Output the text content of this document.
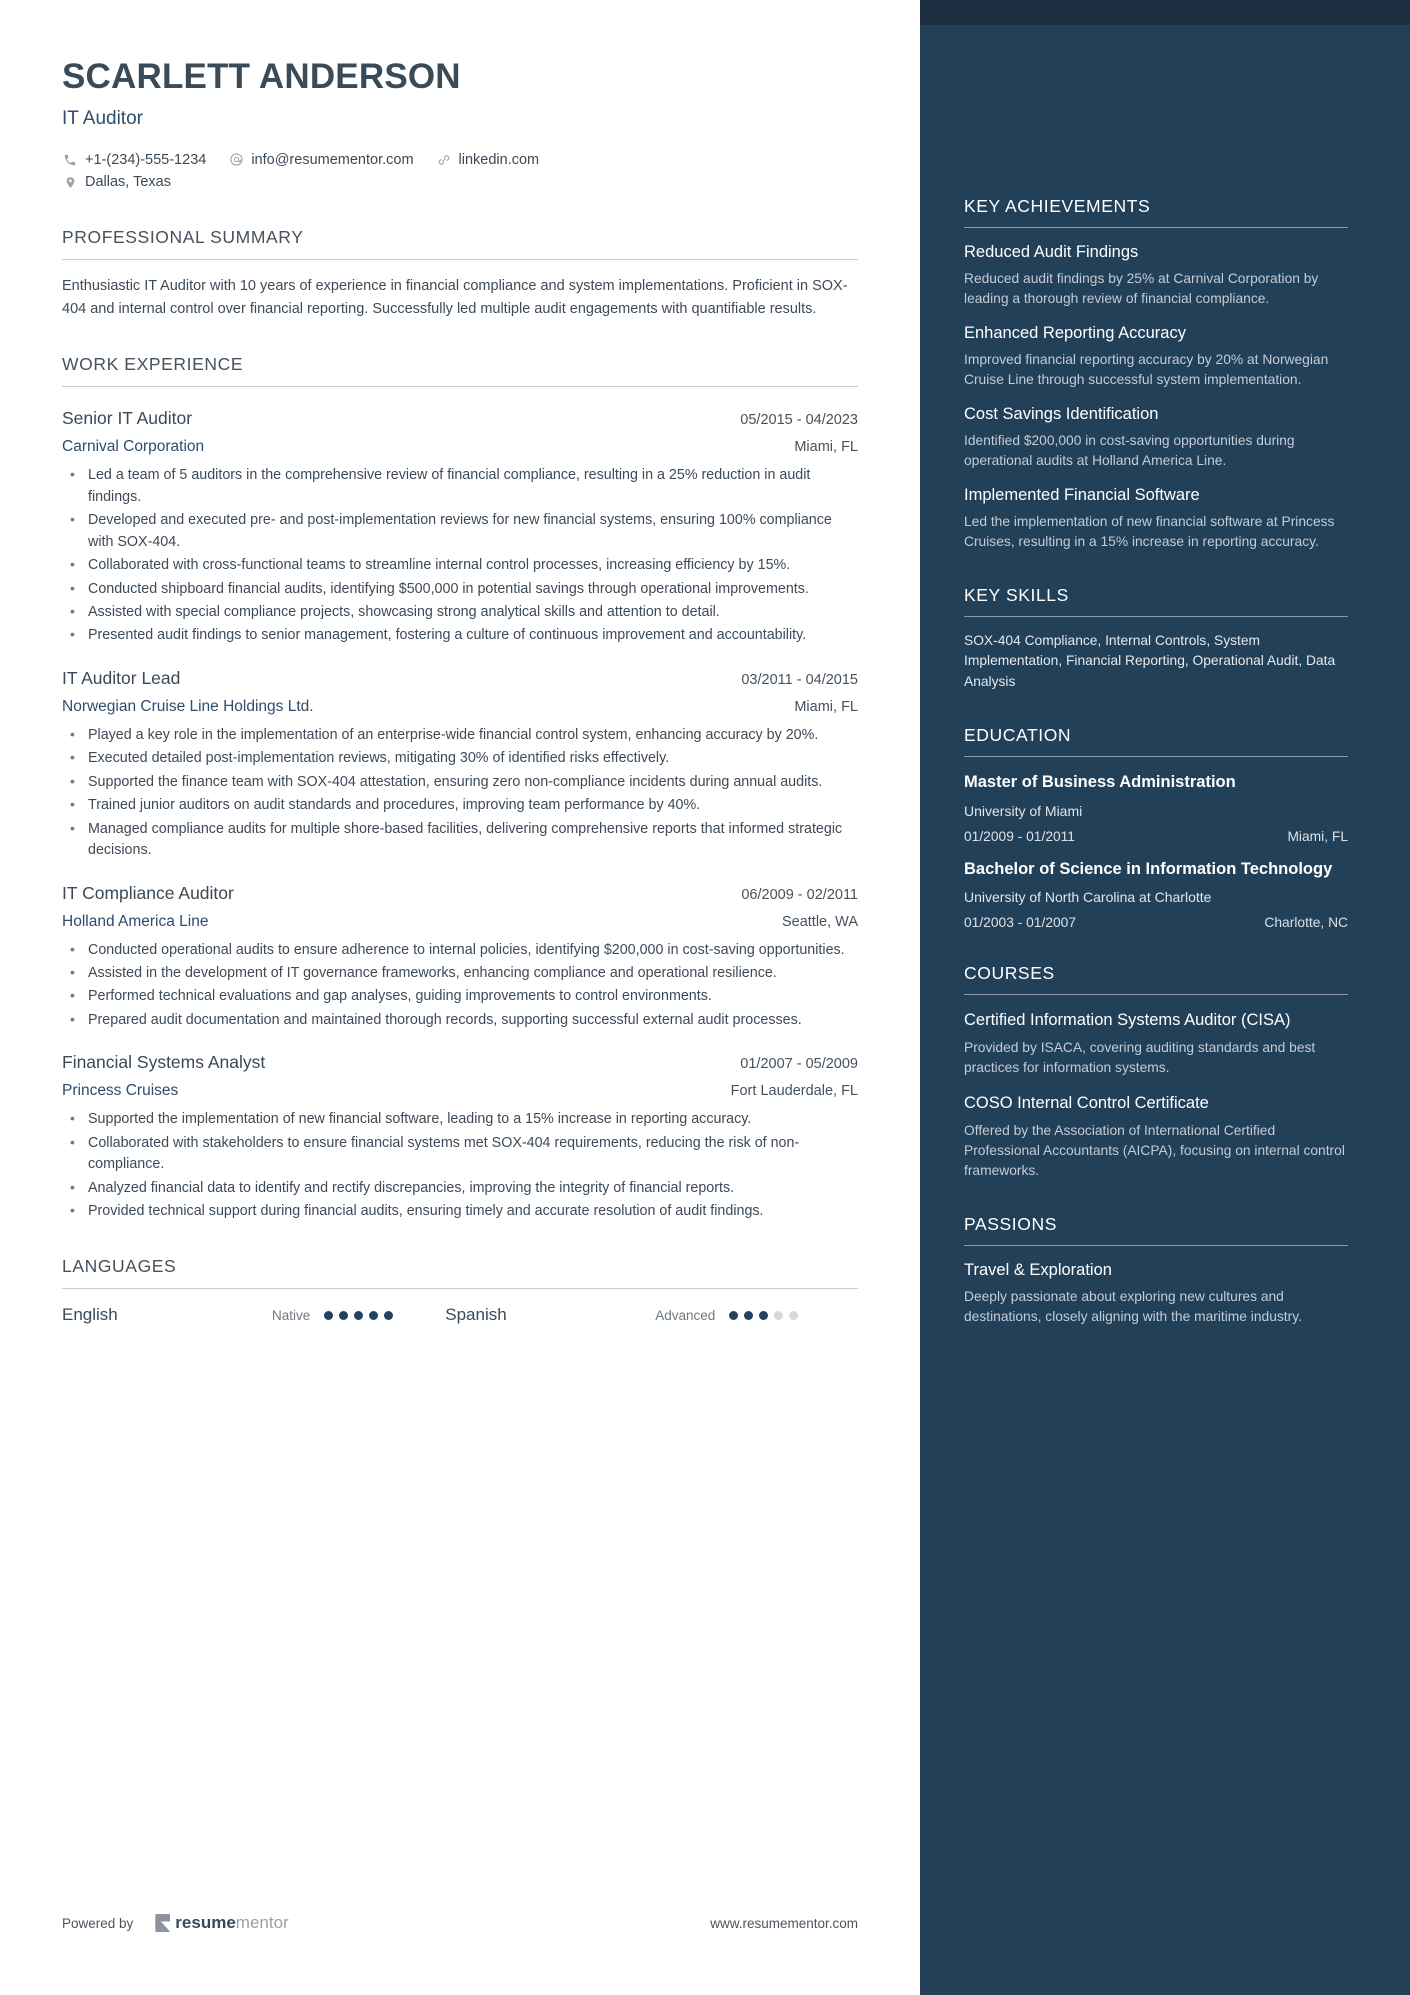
SCARLETT ANDERSON
IT Auditor
+1-(234)-555-1234	info@resumementor.com	linkedin.com
Dallas, Texas
PROFESSIONAL SUMMARY
Enthusiastic IT Auditor with 10 years of experience in financial compliance and system implementations. Proficient in SOX-404 and internal control over financial reporting. Successfully led multiple audit engagements with quantifiable results.
WORK EXPERIENCE
Senior IT Auditor	05/2015 - 04/2023
Carnival Corporation	Miami, FL
• Led a team of 5 auditors in the comprehensive review of financial compliance, resulting in a 25% reduction in audit findings.
• Developed and executed pre- and post-implementation reviews for new financial systems, ensuring 100% compliance with SOX-404.
• Collaborated with cross-functional teams to streamline internal control processes, increasing efficiency by 15%.
• Conducted shipboard financial audits, identifying $500,000 in potential savings through operational improvements.
• Assisted with special compliance projects, showcasing strong analytical skills and attention to detail.
• Presented audit findings to senior management, fostering a culture of continuous improvement and accountability.
IT Auditor Lead	03/2011 - 04/2015
Norwegian Cruise Line Holdings Ltd.	Miami, FL
• Played a key role in the implementation of an enterprise-wide financial control system, enhancing accuracy by 20%.
• Executed detailed post-implementation reviews, mitigating 30% of identified risks effectively.
• Supported the finance team with SOX-404 attestation, ensuring zero non-compliance incidents during annual audits.
• Trained junior auditors on audit standards and procedures, improving team performance by 40%.
• Managed compliance audits for multiple shore-based facilities, delivering comprehensive reports that informed strategic decisions.
IT Compliance Auditor	06/2009 - 02/2011
Holland America Line	Seattle, WA
• Conducted operational audits to ensure adherence to internal policies, identifying $200,000 in cost-saving opportunities.
• Assisted in the development of IT governance frameworks, enhancing compliance and operational resilience.
• Performed technical evaluations and gap analyses, guiding improvements to control environments.
• Prepared audit documentation and maintained thorough records, supporting successful external audit processes.
Financial Systems Analyst	01/2007 - 05/2009
Princess Cruises	Fort Lauderdale, FL
• Supported the implementation of new financial software, leading to a 15% increase in reporting accuracy.
• Collaborated with stakeholders to ensure financial systems met SOX-404 requirements, reducing the risk of non-compliance.
• Analyzed financial data to identify and rectify discrepancies, improving the integrity of financial reports.
• Provided technical support during financial audits, ensuring timely and accurate resolution of audit findings.
LANGUAGES
English	Native	Spanish	Advanced
Powered by resume mentor	www.resumementor.com
KEY ACHIEVEMENTS
Reduced Audit Findings
Reduced audit findings by 25% at Carnival Corporation by leading a thorough review of financial compliance.
Enhanced Reporting Accuracy
Improved financial reporting accuracy by 20% at Norwegian Cruise Line through successful system implementation.
Cost Savings Identification
Identified $200,000 in cost-saving opportunities during operational audits at Holland America Line.
Implemented Financial Software
Led the implementation of new financial software at Princess Cruises, resulting in a 15% increase in reporting accuracy.
KEY SKILLS
SOX-404 Compliance, Internal Controls, System Implementation, Financial Reporting, Operational Audit, Data Analysis
EDUCATION
Master of Business Administration
University of Miami
01/2009 - 01/2011	Miami, FL
Bachelor of Science in Information Technology
University of North Carolina at Charlotte
01/2003 - 01/2007	Charlotte, NC
COURSES
Certified Information Systems Auditor (CISA)
Provided by ISACA, covering auditing standards and best practices for information systems.
COSO Internal Control Certificate
Offered by the Association of International Certified Professional Accountants (AICPA), focusing on internal control frameworks.
PASSIONS
Travel & Exploration
Deeply passionate about exploring new cultures and destinations, closely aligning with the maritime industry.
